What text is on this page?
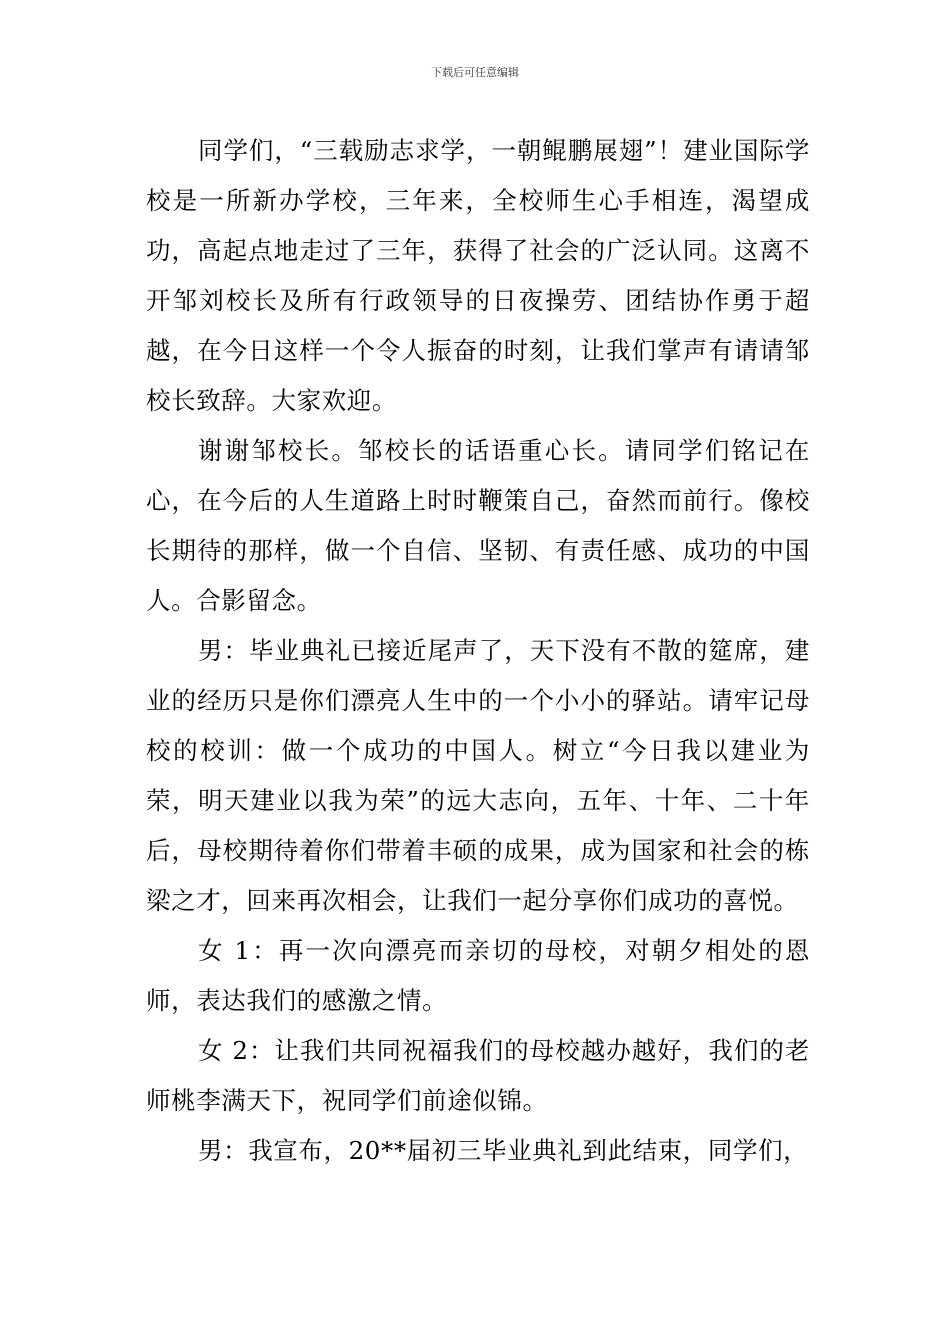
下载后可任意编辑

同学们，“三载励志求学，一朝鲲鹏展翅”！建业国际学校是一所新办学校，三年来，全校师生心手相连，渴望成功，高起点地走过了三年，获得了社会的广泛认同。这离不开邹刘校长及所有行政领导的日夜操劳、团结协作勇于超越，在今日这样一个令人振奋的时刻，让我们掌声有请请邹校长致辞。大家欢迎。

谢谢邹校长。邹校长的话语重心长。请同学们铭记在心，在今后的人生道路上时时鞭策自己，奋然而前行。像校长期待的那样，做一个自信、坚韧、有责任感、成功的中国人。合影留念。

男：毕业典礼已接近尾声了，天下没有不散的筵席，建业的经历只是你们漂亮人生中的一个小小的驿站。请牢记母校的校训：做一个成功的中国人。树立“今日我以建业为荣，明天建业以我为荣”的远大志向，五年、十年、二十年后，母校期待着你们带着丰硕的成果，成为国家和社会的栋梁之才，回来再次相会，让我们一起分享你们成功的喜悦。

女 1：再一次向漂亮而亲切的母校，对朝夕相处的恩师，表达我们的感激之情。

女 2：让我们共同祝福我们的母校越办越好，我们的老师桃李满天下，祝同学们前途似锦。

男：我宣布，20**届初三毕业典礼到此结束，同学们，
